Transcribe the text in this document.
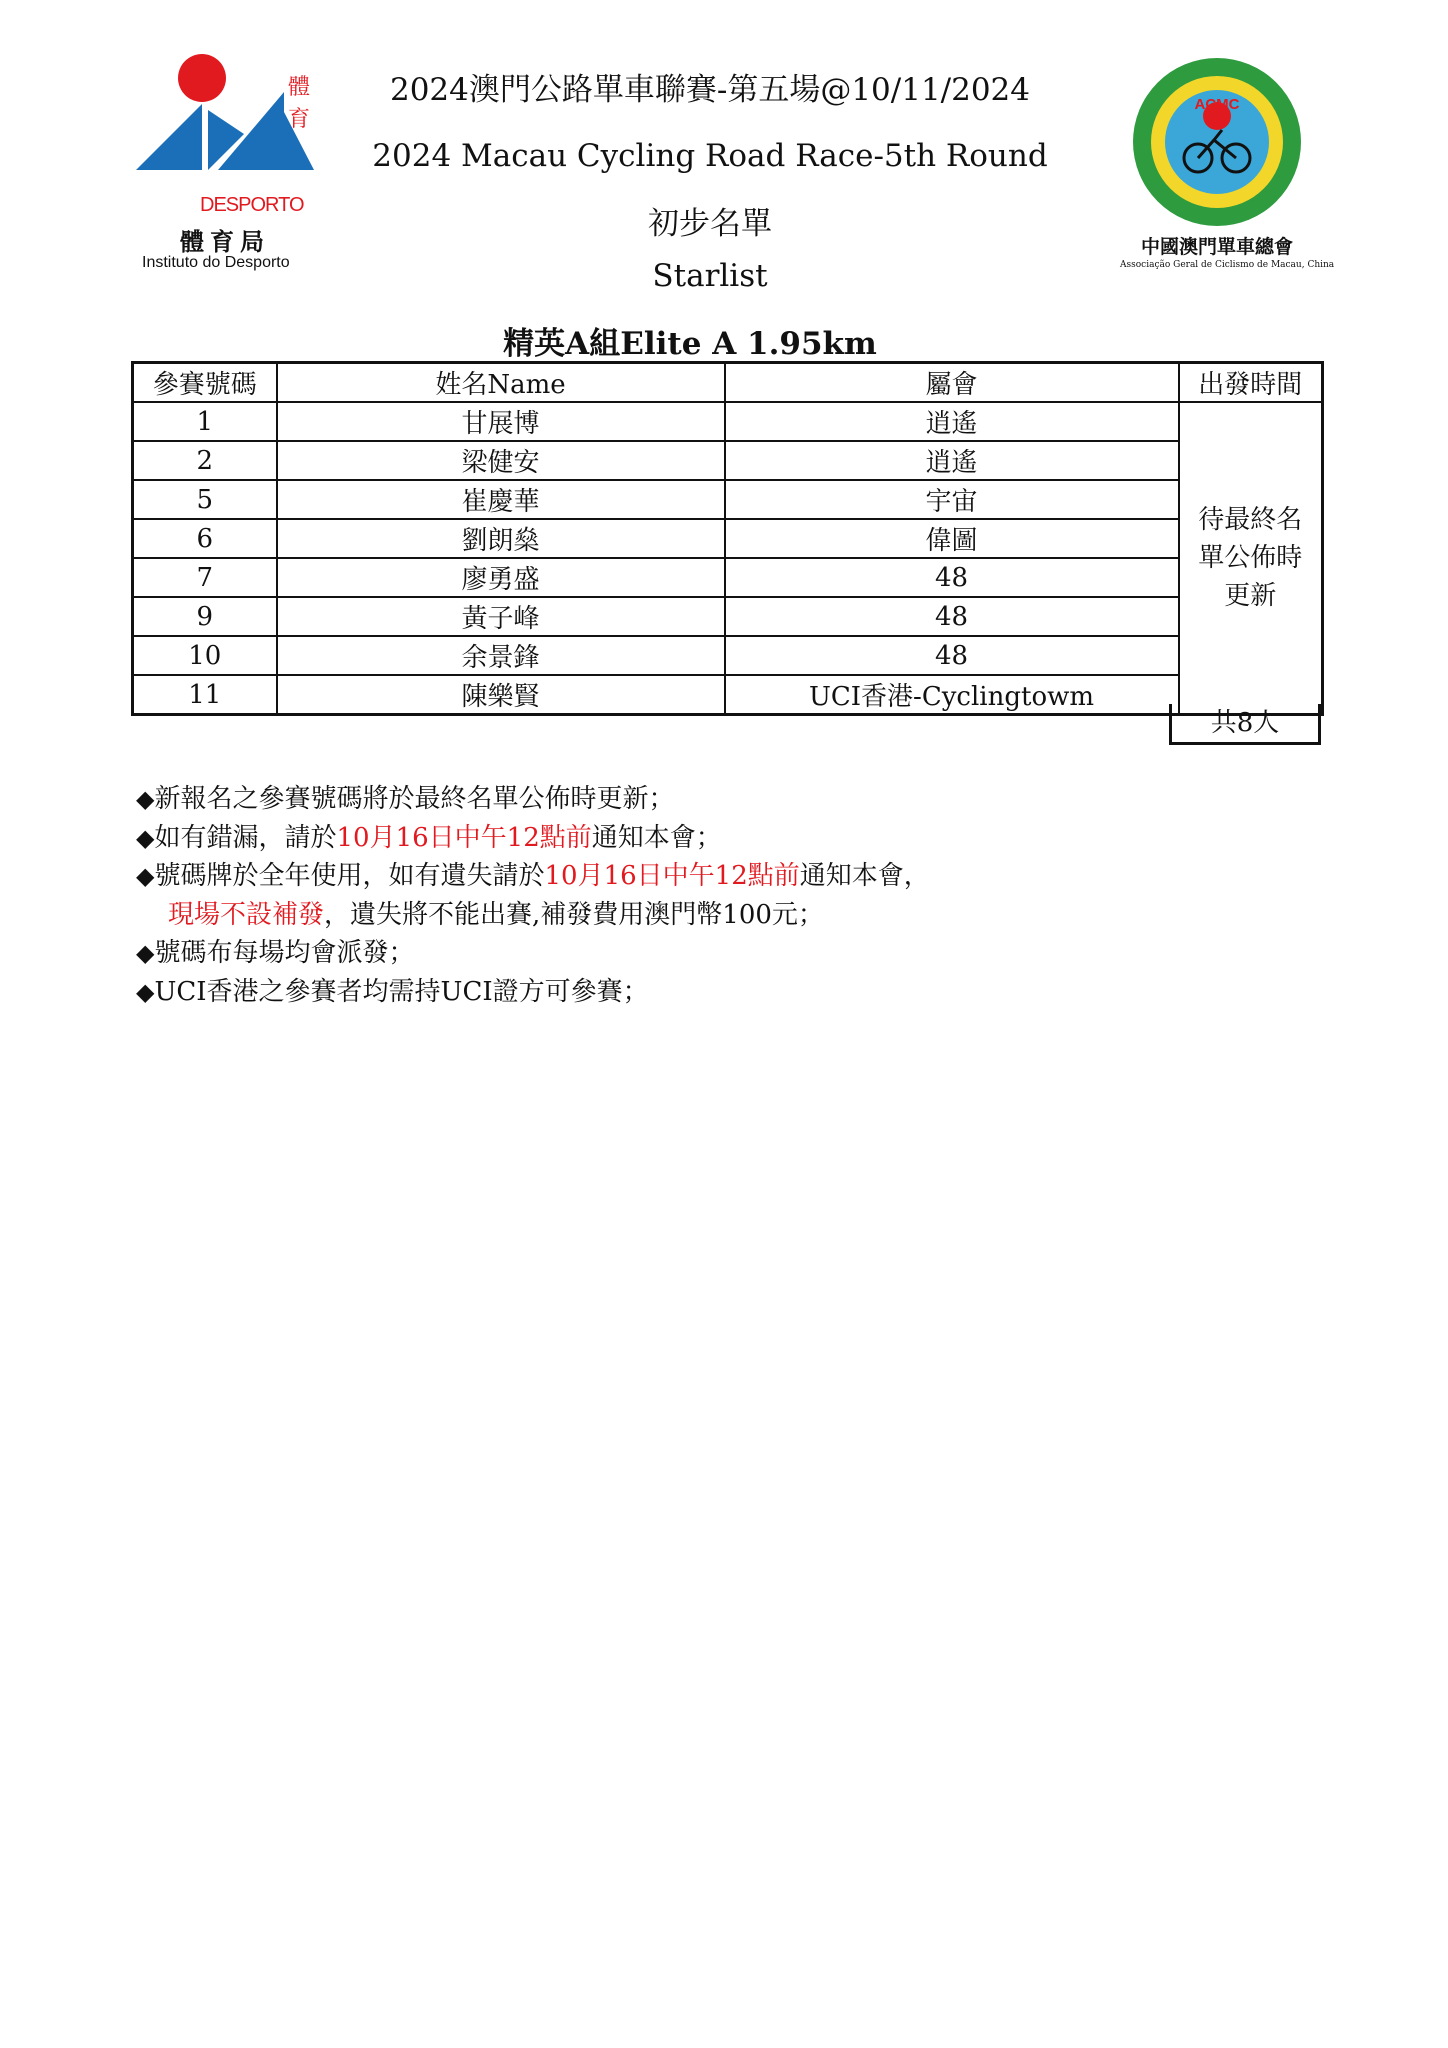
體育
DESPORTO
體育局
Instituto do Desporto
2024澳門公路單車聯賽-第五場@10/11/2024
2024 Macau Cycling Road Race-5th Round
初步名單
Starlist
精英A組Elite A 1.95km
ACMC
中國澳門單車總會
Associação Geral de Ciclismo de Macau, China
參賽號碼	姓名Name	屬會	出發時間
1	甘展博	逍遙	待最終名單公佈時更新
2	梁健安	逍遙	
5	崔慶華	宇宙	
6	劉朗燊	偉圖	
7	廖勇盛	48	
9	黃子峰	48	
10	余景鋒	48	
11	陳樂賢	UCI香港-Cyclingtowm	
共8人
◆新報名之參賽號碼將於最終名單公佈時更新；
◆如有錯漏，請於10月16日中午12點前通知本會；
◆號碼牌於全年使用，如有遺失請於10月16日中午12點前通知本會，
現場不設補發，遺失將不能出賽,補發費用澳門幣100元；
◆號碼布每場均會派發；
◆UCI香港之參賽者均需持UCI證方可參賽；
